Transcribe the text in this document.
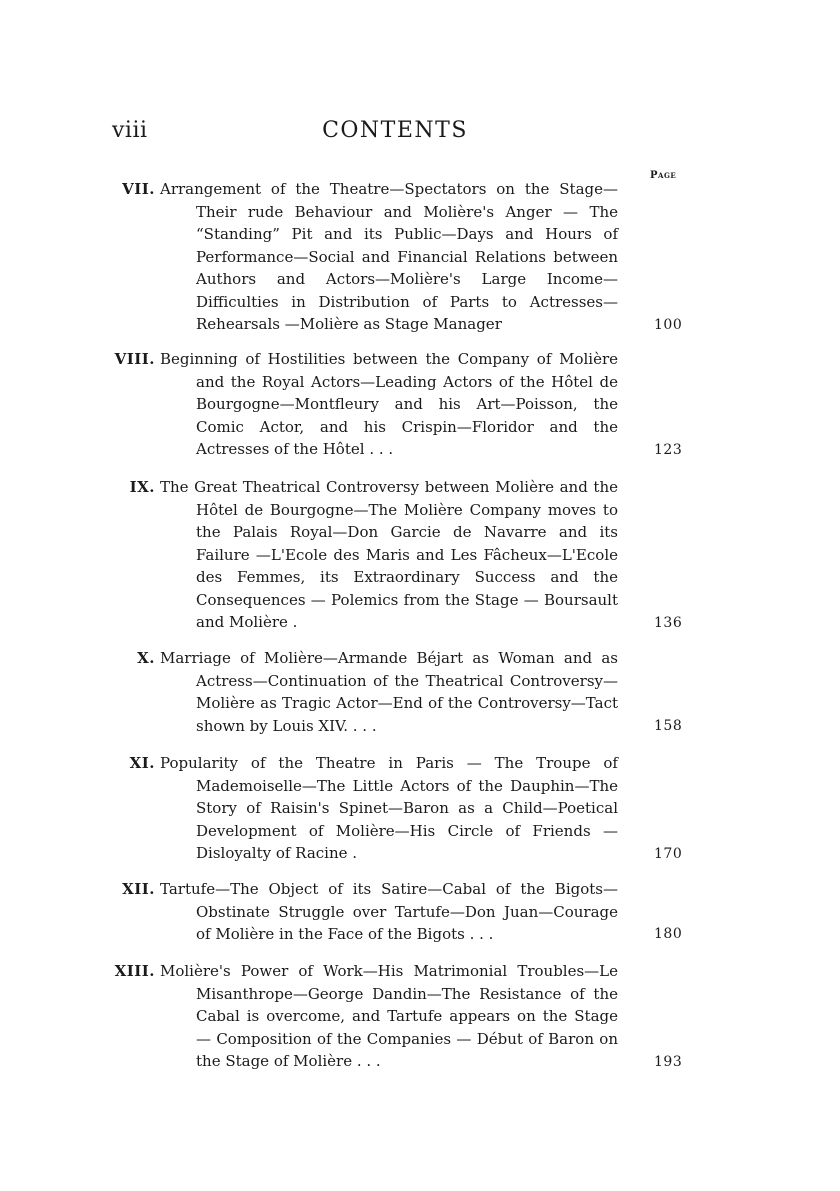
viii	CONTENTS
Page
VII. Arrangement of the Theatre—Spectators on the Stage—Their rude Behaviour and Molière's Anger — The “Standing” Pit and its Public—Days and Hours of Performance—Social and Financial Relations between Authors and Actors—Molière's Large Income—Difficulties in Distribution of Parts to Actresses—Rehearsals —Molière as Stage Manager	100
VIII. Beginning of Hostilities between the Company of Molière and the Royal Actors—Leading Actors of the Hôtel de Bourgogne—Montfleury and his Art—Poisson, the Comic Actor, and his Crispin—Floridor and the Actresses of the Hôtel . . .	123
IX. The Great Theatrical Controversy between Molière and the Hôtel de Bourgogne—The Molière Company moves to the Palais Royal—Don Garcie de Navarre and its Failure —L'Ecole des Maris and Les Fâcheux—L'Ecole des Femmes, its Extraordinary Success and the Consequences — Polemics from the Stage — Boursault and Molière .	136
X. Marriage of Molière—Armande Béjart as Woman and as Actress—Continuation of the Theatrical Controversy—Molière as Tragic Actor—End of the Controversy—Tact shown by Louis XIV. . . .	158
XI. Popularity of the Theatre in Paris — The Troupe of Mademoiselle—The Little Actors of the Dauphin—The Story of Raisin's Spinet—Baron as a Child—Poetical Development of Molière—His Circle of Friends — Disloyalty of Racine .	170
XII. Tartufe—The Object of its Satire—Cabal of the Bigots—Obstinate Struggle over Tartufe—Don Juan—Courage of Molière in the Face of the Bigots . . .	180
XIII. Molière's Power of Work—His Matrimonial Troubles—Le Misanthrope—George Dandin—The Resistance of the Cabal is overcome, and Tartufe appears on the Stage — Composition of the Companies — Début of Baron on the Stage of Molière . . .	193
